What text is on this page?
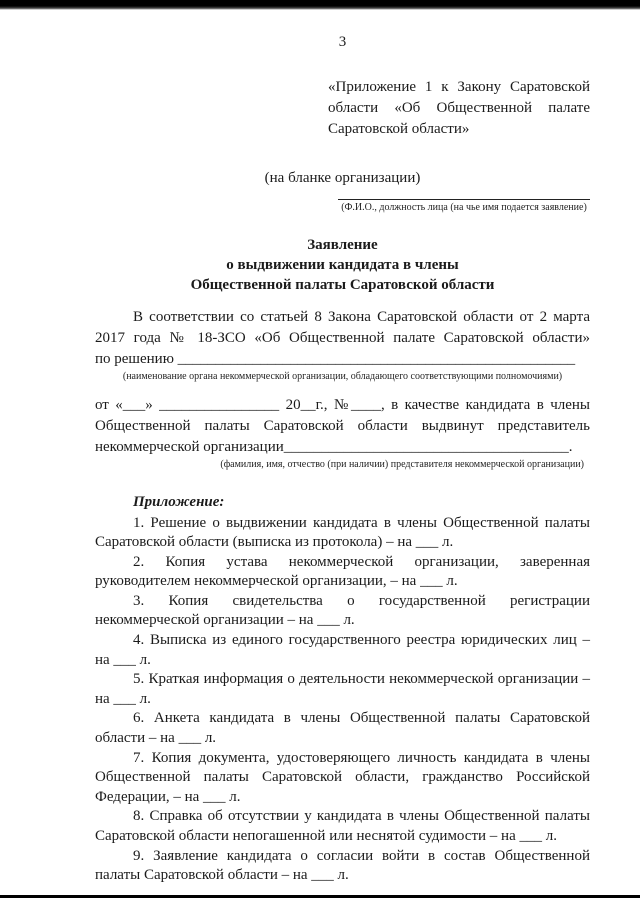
3
«Приложение 1 к Закону Саратовской области «Об Общественной палате Саратовской области»
(на бланке организации)
(Ф.И.О., должность лица (на чье имя подается заявление)
Заявление
о выдвижении кандидата в члены
Общественной палаты Саратовской области

В соответствии со статьей 8 Закона Саратовской области от 2 марта 2017 года № 18-ЗСО «Об Общественной палате Саратовской области» по решению _____________________________________________________

(наименование органа некоммерческой организации, обладающего соответствующими полномочиями)

от «___» ________________ 20__г., №____, в качестве кандидата в члены Общественной палаты Саратовской области выдвинут представитель некоммерческой организации______________________________________.

(фамилия, имя, отчество (при наличии) представителя некоммерческой организации)

Приложение:

1. Решение о выдвижении кандидата в члены Общественной палаты Саратовской области (выписка из протокола) – на ___ л.
2. Копия устава некоммерческой организации, заверенная руководителем некоммерческой организации, – на ___ л.
3. Копия свидетельства о государственной регистрации некоммерческой организации – на ___ л.
4. Выписка из единого государственного реестра юридических лиц – на ___ л.
5. Краткая информация о деятельности некоммерческой организации – на ___ л.
6. Анкета кандидата в члены Общественной палаты Саратовской области – на ___ л.
7. Копия документа, удостоверяющего личность кандидата в члены Общественной палаты Саратовской области, гражданство Российской Федерации, – на ___ л.
8. Справка об отсутствии у кандидата в члены Общественной палаты Саратовской области непогашенной или неснятой судимости – на ___ л.
9. Заявление кандидата о согласии войти в состав Общественной палаты Саратовской области – на ___ л.
